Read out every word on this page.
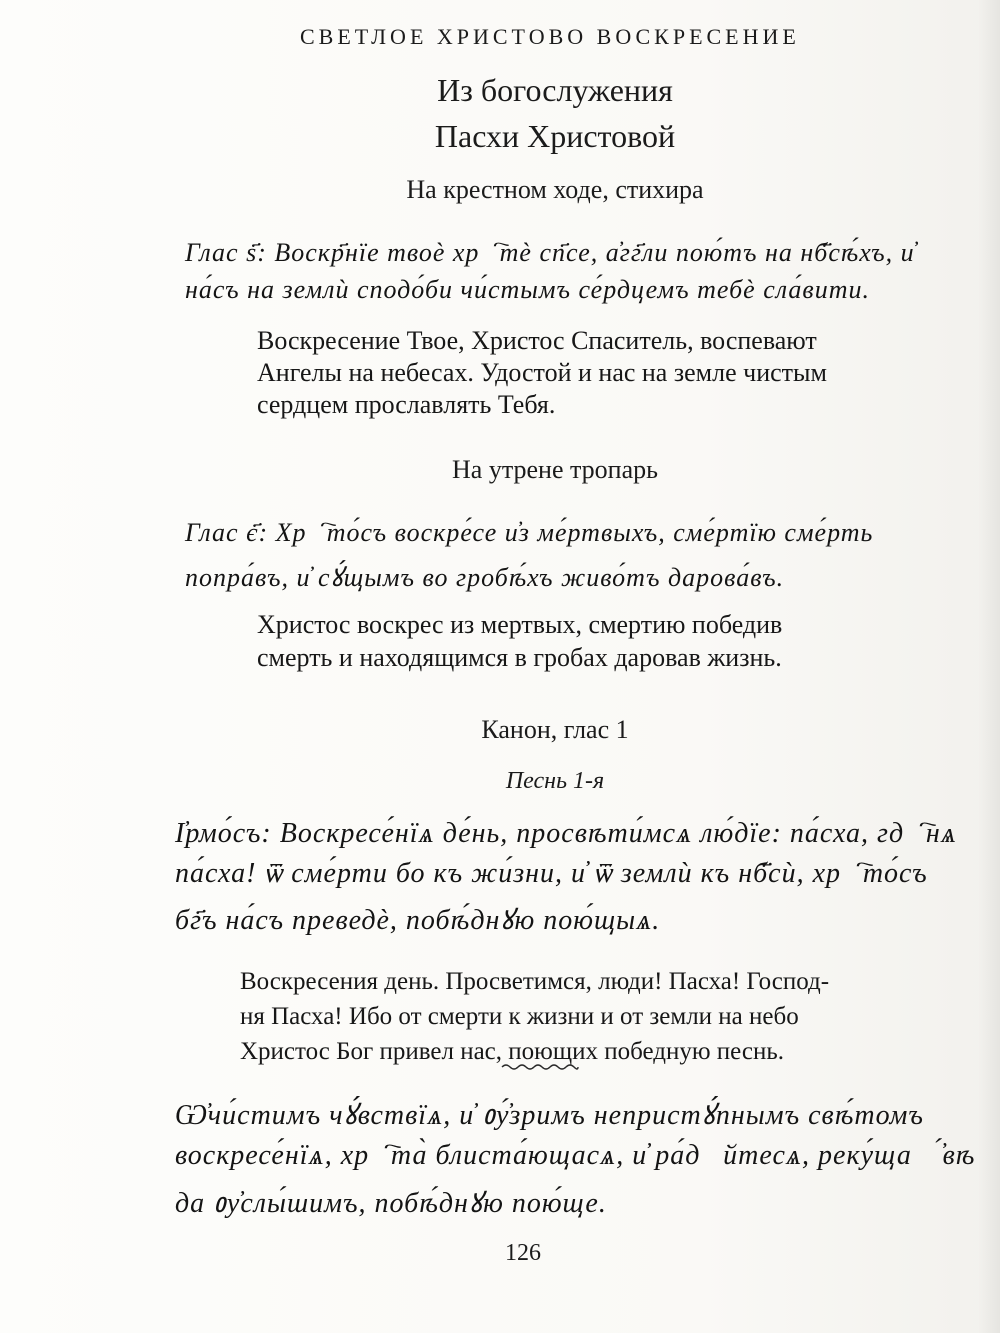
СВЕТЛОЕ ХРИСТОВО ВОСКРЕСЕНИЕ

Из богослужения
Пасхи Христовой
На крестном ходе, стихира

Глас ѕ҃: Воскр҃нїе твоѐ хрⷭ҇тѐ сп҃се, а҆гг҃ли пою́тъ на нб҃сѣ́хъ, и҆

на́съ на землѝ сподо́би чи́стымъ се́рдцемъ тебѐ сла́вити.

Воскресение Твое, Христос Спаситель, воспевают

Ангелы на небесах. Удостой и нас на земле чистым

сердцем прославлять Тебя.

На утрене тропарь

Глас є҃: Хрⷭ҇то́съ воскре́се и҆з ме́ртвыхъ, сме́ртїю сме́рть

попра́въ, и҆ сꙋ́щымъ во гробѣ́хъ живо́тъ дарова́въ.

Христос воскрес из мертвых, смертию победив

смерть и находящимся в гробах даровав жизнь.

Канон, глас 1

Песнь 1-я

І҆рмо́съ: Воскресе́нїѧ де́нь, просвѣти́мсѧ лю́дїе: па́сха, гдⷭ҇нѧ

па́сха! ѿ сме́рти бо къ жи́зни, и҆ ѿ землѝ къ нб҃сѝ, хрⷭ҇то́съ

бг҃ъ на́съ преведѐ, побѣ́днꙋю пою́щыѧ.

Воскресения день. Просветимся, люди! Пасха! Господ-

ня Пасха! Ибо от смерти к жизни и от земли на небо

Христос Бог привел нас, поющих победную песнь.

Ѡ҆чи́стимъ чꙋ́вствїѧ, и҆ ᲂу҆́зримъ непристꙋ́пнымъ свѣ́томъ

воскресе́нїѧ, хрⷭ҇та̀ блиста́ющасѧ, и҆ ра́дꙋйтесѧ, реку́ща ꙗ҆́вѣ

да ᲂу҆слы́шимъ, побѣ́днꙋю пою́ще.

126
